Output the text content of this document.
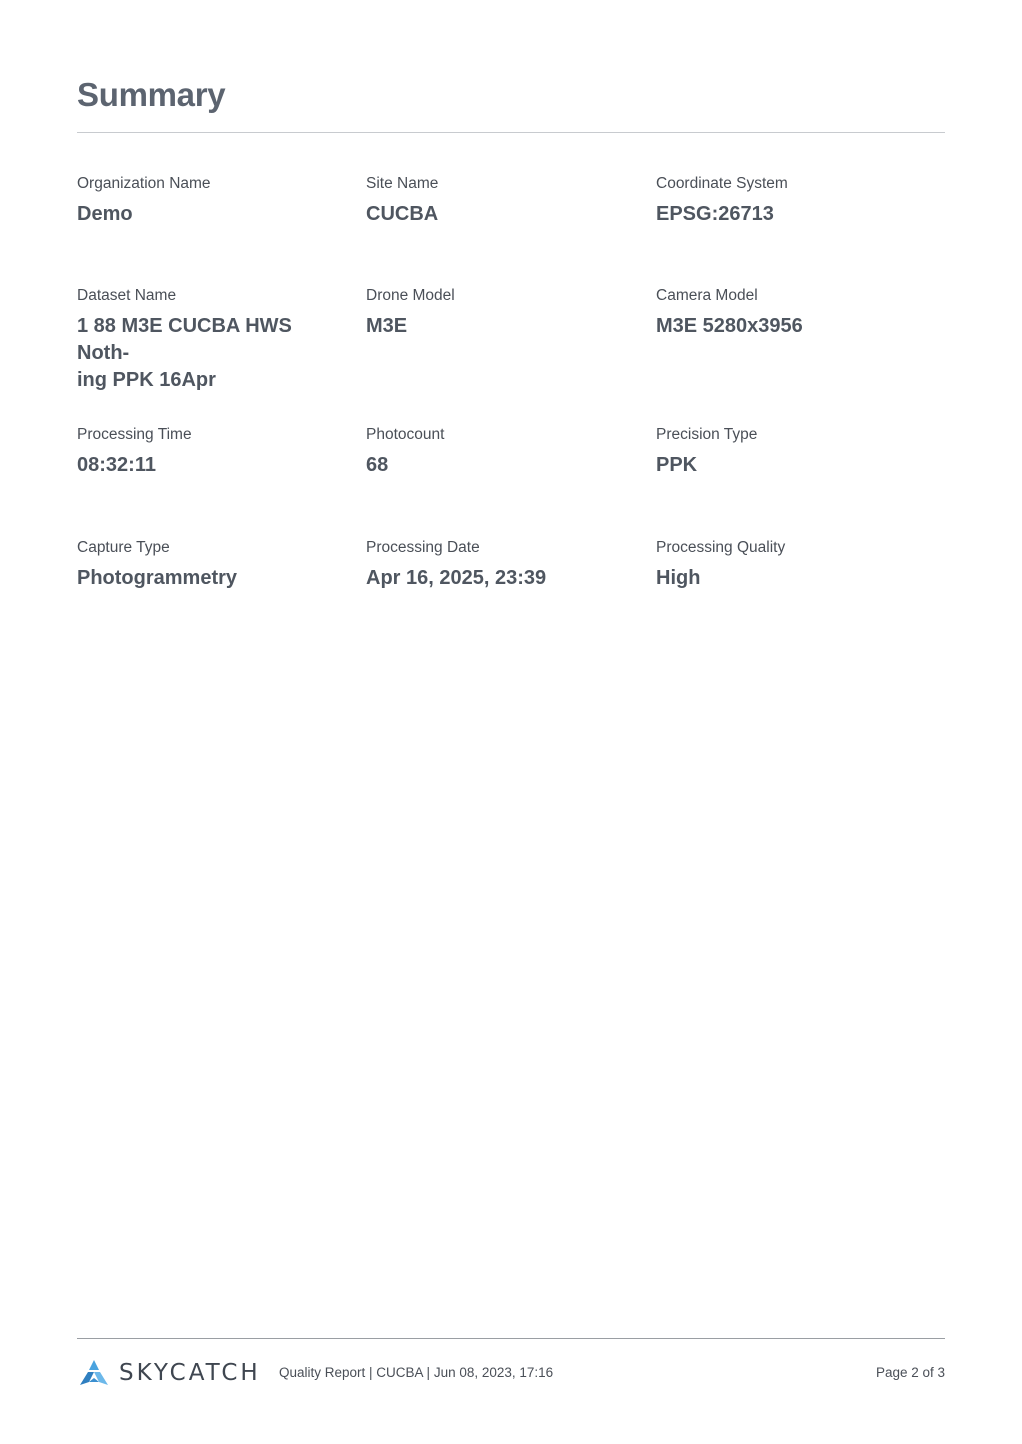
Summary
Organization Name
Demo
Site Name
CUCBA
Coordinate System
EPSG:26713
Dataset Name
1 88 M3E CUCBA HWS Noth-
ing PPK 16Apr
Drone Model
M3E
Camera Model
M3E 5280x3956
Processing Time
08:32:11
Photocount
68
Precision Type
PPK
Capture Type
Photogrammetry
Processing Date
Apr 16, 2025, 23:39
Processing Quality
High
SKYCATCH Quality Report | CUCBA | Jun 08, 2023, 17:16	Page 2 of 3
